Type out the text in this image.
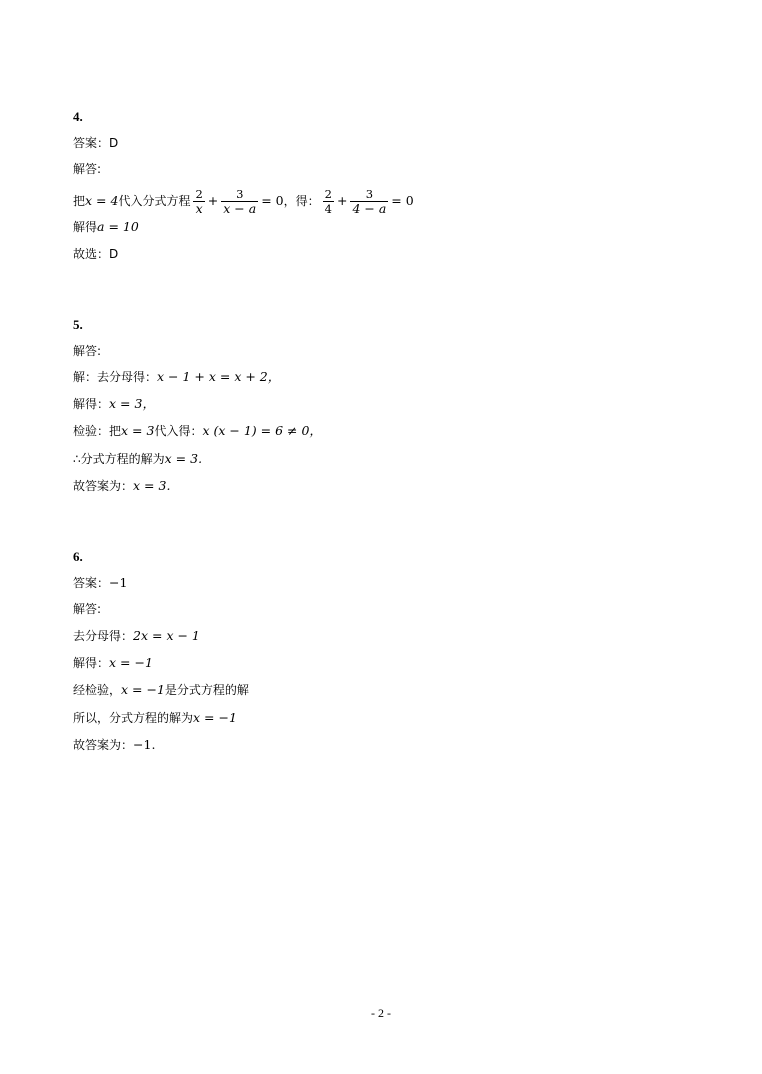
4.
答案：D
解答:
把 x = 4 代入分式方程 $\frac{2}{x} + \frac{3}{x - a} = 0$ ，得： $\frac{2}{4} + \frac{3}{4 - a} = 0$
解得 a = 10
故选：D
5.
解答:
解：去分母得： x − 1 + x = x + 2，
解得： x = 3，
检验：把 x = 3 代入得： x (x − 1) = 6 ≠ 0，
∴分式方程的解为 x = 3.
故答案为： x = 3.
6.
答案： −1
解答:
去分母得： 2x = x − 1
解得： x = −1
经检验， x = −1 是分式方程的解
所以，分式方程的解为 x = −1
故答案为： −1.
- 2 -
